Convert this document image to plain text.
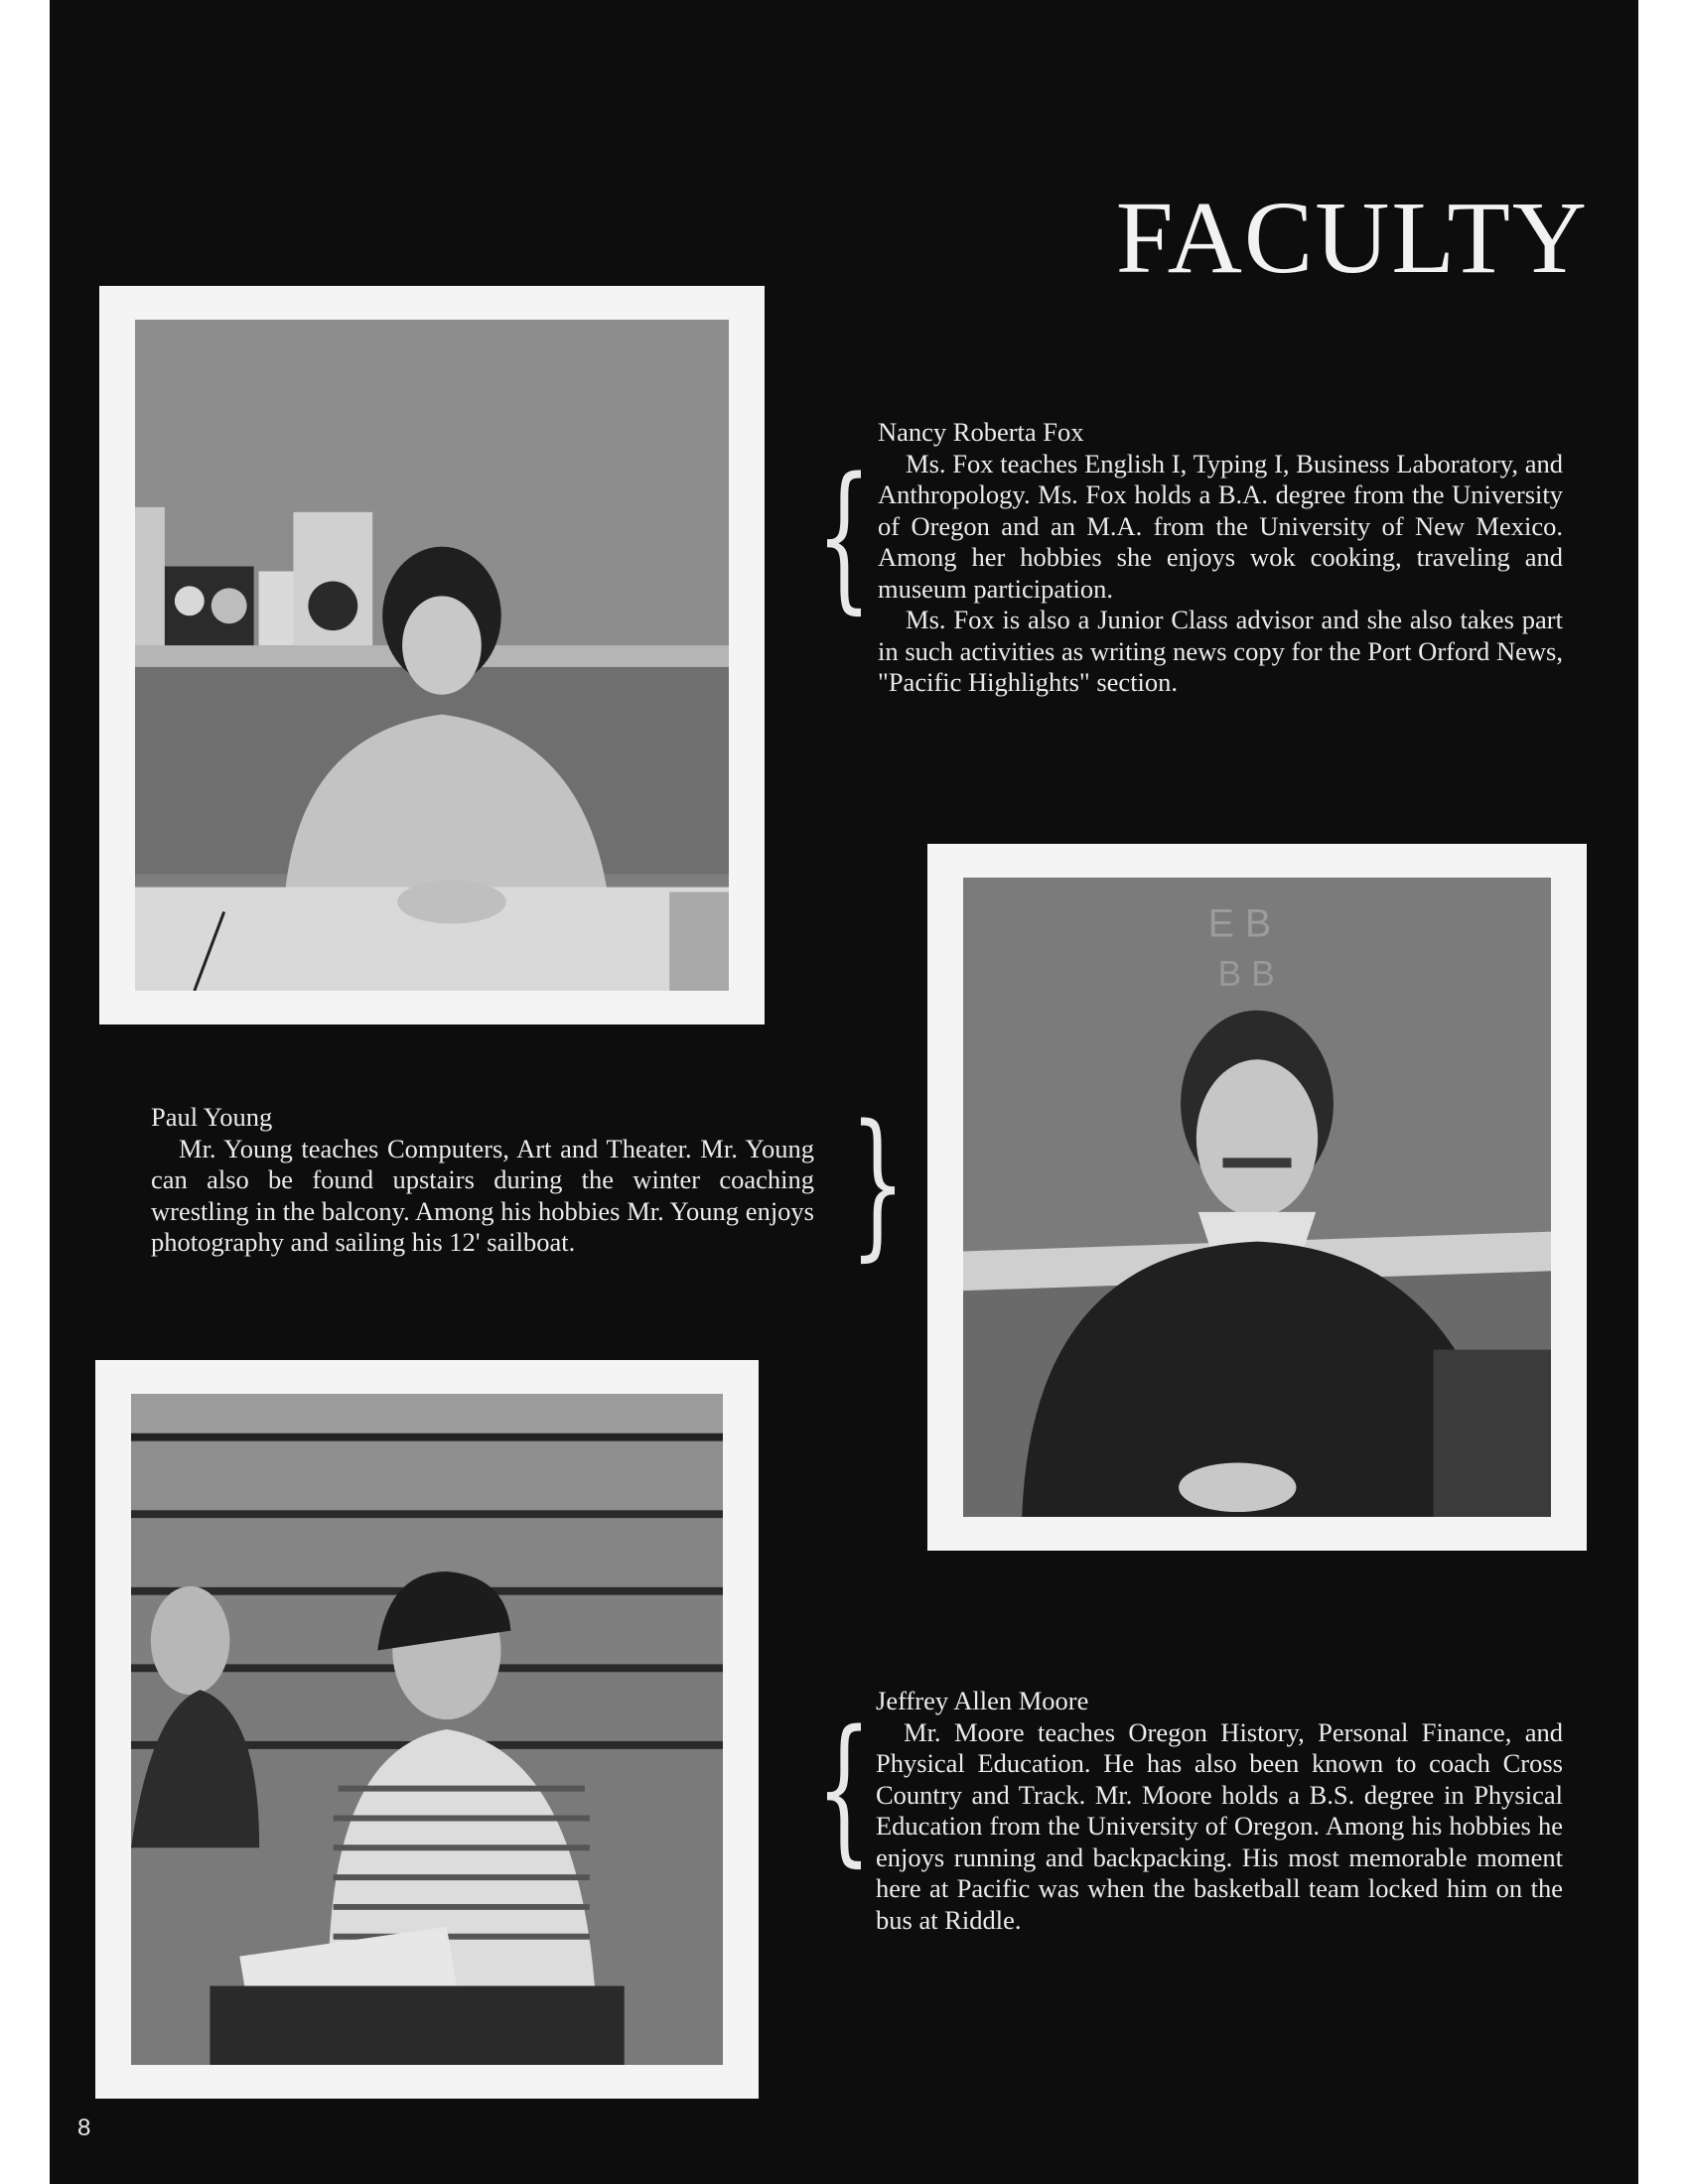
FACULTY
{
Nancy Roberta Fox

Ms. Fox teaches English I, Typing I, Business Laboratory, and Anthropology. Ms. Fox holds a B.A. degree from the University of Oregon and an M.A. from the University of New Mexico. Among her hobbies she enjoys wok cooking, traveling and museum participation.

Ms. Fox is also a Junior Class advisor and she also takes part in such activities as writing news copy for the Port Orford News, "Pacific Highlights" section.

E B
B B
Paul Young

Mr. Young teaches Computers, Art and Theater. Mr. Young can also be found upstairs during the winter coaching wrestling in the balcony. Among his hobbies Mr. Young enjoys photography and sailing his 12' sailboat.	}
{ Jeffrey Allen Moore

Mr. Moore teaches Oregon History, Personal Finance, and Physical Education. He has also been known to coach Cross Country and Track. Mr. Moore holds a B.S. degree in Physical Education from the University of Oregon. Among his hobbies he enjoys running and backpacking. His most memorable moment here at Pacific was when the basketball team locked him on the bus at Riddle.

8
